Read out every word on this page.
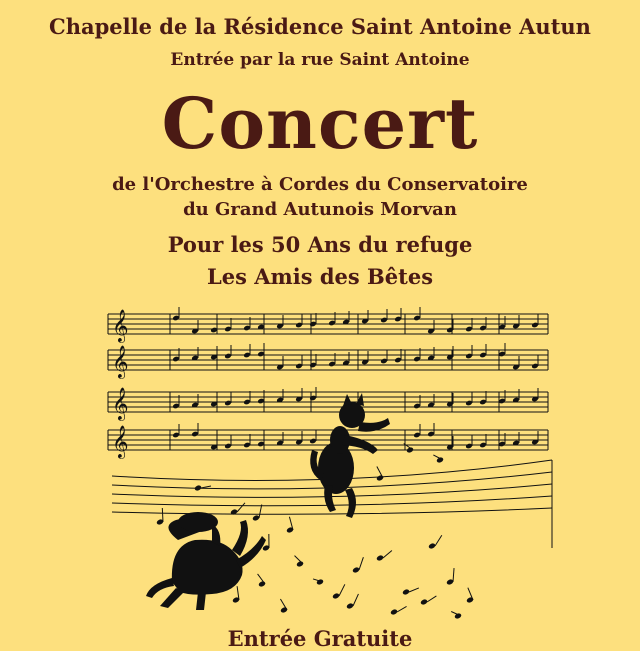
Chapelle de la Résidence Saint Antoine Autun
Entrée par la rue Saint Antoine
Concert
de l'Orchestre à Cordes du Conservatoire
du Grand Autunois Morvan
Pour les 50 Ans du refuge
Les Amis des Bêtes
𝄞
𝄞
𝄞
𝄞
Entrée Gratuite
